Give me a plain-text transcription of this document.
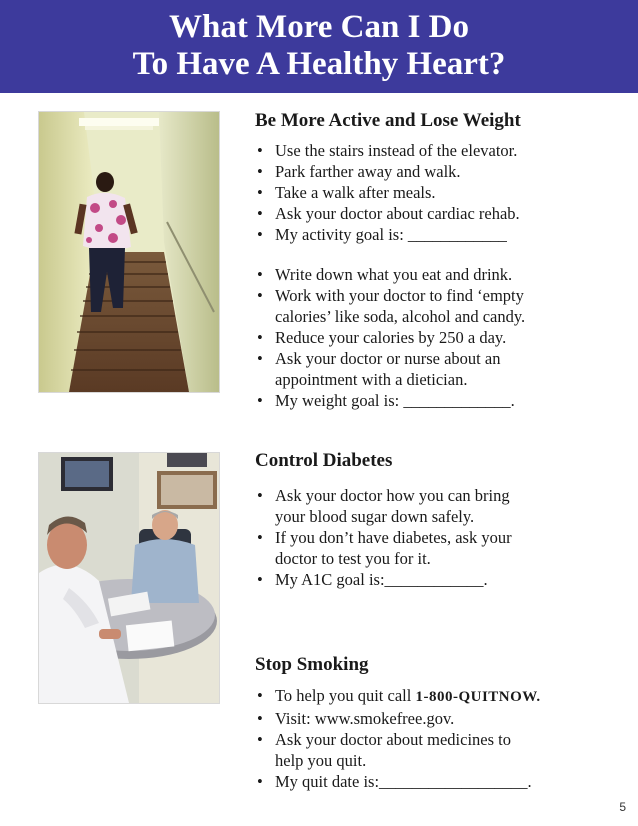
What More Can I Do
To Have A Healthy Heart?
Be More Active and Lose Weight
• Use the stairs instead of the elevator.
• Park farther away and walk.
• Take a walk after meals.
• Ask your doctor about cardiac rehab.
• My activity goal is: ____________
• Write down what you eat and drink.
• Work with your doctor to find ‘empty
calories’ like soda, alcohol and candy.
• Reduce your calories by 250 a day.
• Ask your doctor or nurse about an
appointment with a dietician.
• My weight goal is: _____________.
Control Diabetes
• Ask your doctor how you can bring
your blood sugar down safely.
• If you don’t have diabetes, ask your
doctor to test you for it.
• My A1C goal is:____________.
Stop Smoking
• To help you quit call 1-800-QUITNOW.
• Visit: www.smokefree.gov.
• Ask your doctor about medicines to
help you quit.
• My quit date is:__________________.
5
